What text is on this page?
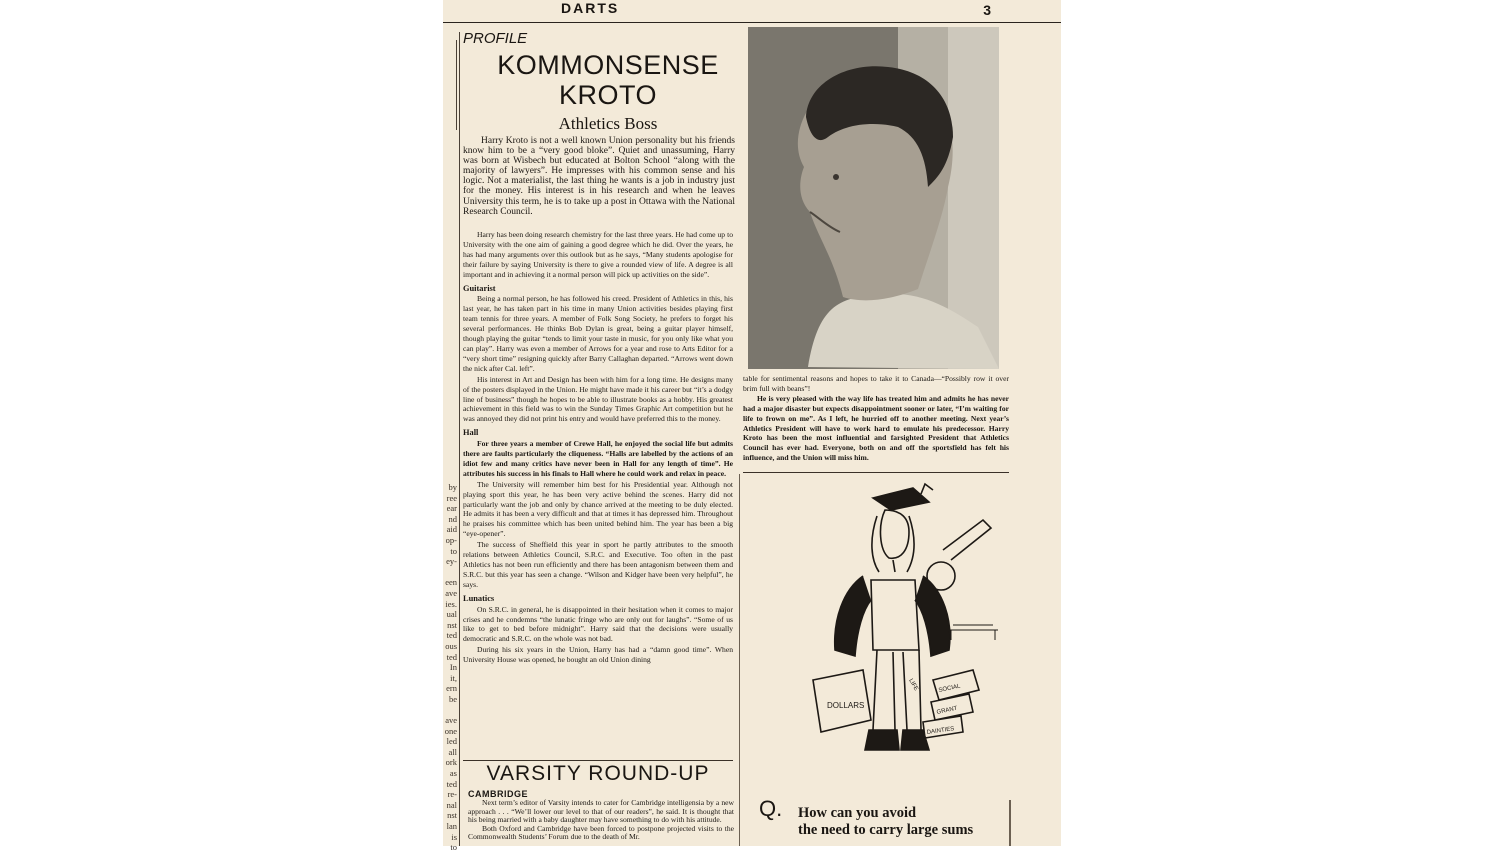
DARTS	3
by
ree
ear
nd
aid
op-
to
ey-

een
ave
ies.
ual
nst
ted
ous
ted
In
it,
ern
be

ave
one
led
all
ork
as
ted
re-
nal
nst
lan
is
to
PROFILE
KOMMONSENSE
KROTO
Athletics Boss

Harry Kroto is not a well known Union personality but his friends know him to be a “very good bloke”. Quiet and unassuming, Harry was born at Wisbech but educated at Bolton School “along with the majority of lawyers”. He impresses with his common sense and his logic. Not a materialist, the last thing he wants is a job in industry just for the money. His interest is in his research and when he leaves University this term, he is to take up a post in Ottawa with the National Research Council.

Harry has been doing research chemistry for the last three years. He had come up to University with the one aim of gaining a good degree which he did. Over the years, he has had many arguments over this outlook but as he says, “Many students apologise for their failure by saying University is there to give a rounded view of life. A degree is all important and in achieving it a normal person will pick up activities on the side”.

Guitarist

Being a normal person, he has followed his creed. President of Athletics in this, his last year, he has taken part in his time in many Union activities besides playing first team tennis for three years. A member of Folk Song Society, he prefers to forget his several performances. He thinks Bob Dylan is great, being a guitar player himself, though playing the guitar “tends to limit your taste in music, for you only like what you can play”. Harry was even a member of Arrows for a year and rose to Arts Editor for a “very short time” resigning quickly after Barry Callaghan departed. “Arrows went down the nick after Cal. left”.

His interest in Art and Design has been with him for a long time. He designs many of the posters displayed in the Union. He might have made it his career but “it’s a dodgy line of business” though he hopes to be able to illustrate books as a hobby. His greatest achievement in this field was to win the Sunday Times Graphic Art competition but he was annoyed they did not print his entry and would have preferred this to the money.

Hall

For three years a member of Crewe Hall, he enjoyed the social life but admits there are faults particularly the cliqueness. “Halls are labelled by the actions of an idiot few and many critics have never been in Hall for any length of time”. He attributes his success in his finals to Hall where he could work and relax in peace.

The University will remember him best for his Presidential year. Although not playing sport this year, he has been very active behind the scenes. Harry did not particularly want the job and only by chance arrived at the meeting to be duly elected. He admits it has been a very difficult and that at times it has depressed him. Throughout he praises his committee which has been united behind him. The year has been a big “eye-opener”.

The success of Sheffield this year in sport he partly attributes to the smooth relations between Athletics Council, S.R.C. and Executive. Too often in the past Athletics has not been run efficiently and there has been antagonism between them and S.R.C. but this year has seen a change. “Wilson and Kidger have been very helpful”, he says.

Lunatics

On S.R.C. in general, he is disappointed in their hesitation when it comes to major crises and he condemns “the lunatic fringe who are only out for laughs”. “Some of us like to get to bed before midnight”. Harry said that the decisions were usually democratic and S.R.C. on the whole was not bad.

During his six years in the Union, Harry has had a “damn good time”. When University House was opened, he bought an old Union dining

VARSITY ROUND-UP
CAMBRIDGE

Next term’s editor of Varsity intends to cater for Cambridge intelligensia by a new approach . . . “We’ll lower our level to that of our readers”, he said. It is thought that his being married with a baby daughter may have something to do with his attitude.

Both Oxford and Cambridge have been forced to postpone projected visits to the Commonwealth Students’ Forum due to the death of Mr.

table for sentimental reasons and hopes to take it to Canada—“Possibly row it over brim full with beans”!

He is very pleased with the way life has treated him and admits he has never had a major disaster but expects disappointment sooner or later, “I’m waiting for life to frown on me”. As I left, he hurried off to another meeting. Next year’s Athletics President will have to work hard to emulate his predecessor. Harry Kroto has been the most influential and farsighted President that Athletics Council has ever had. Everyone, both on and off the sportsfield has felt his influence, and the Union will miss him.

DOLLARS
SOCIAL
GRANT
DAINTIES
LIFE
Q. How can you avoid
the need to carry large sums
